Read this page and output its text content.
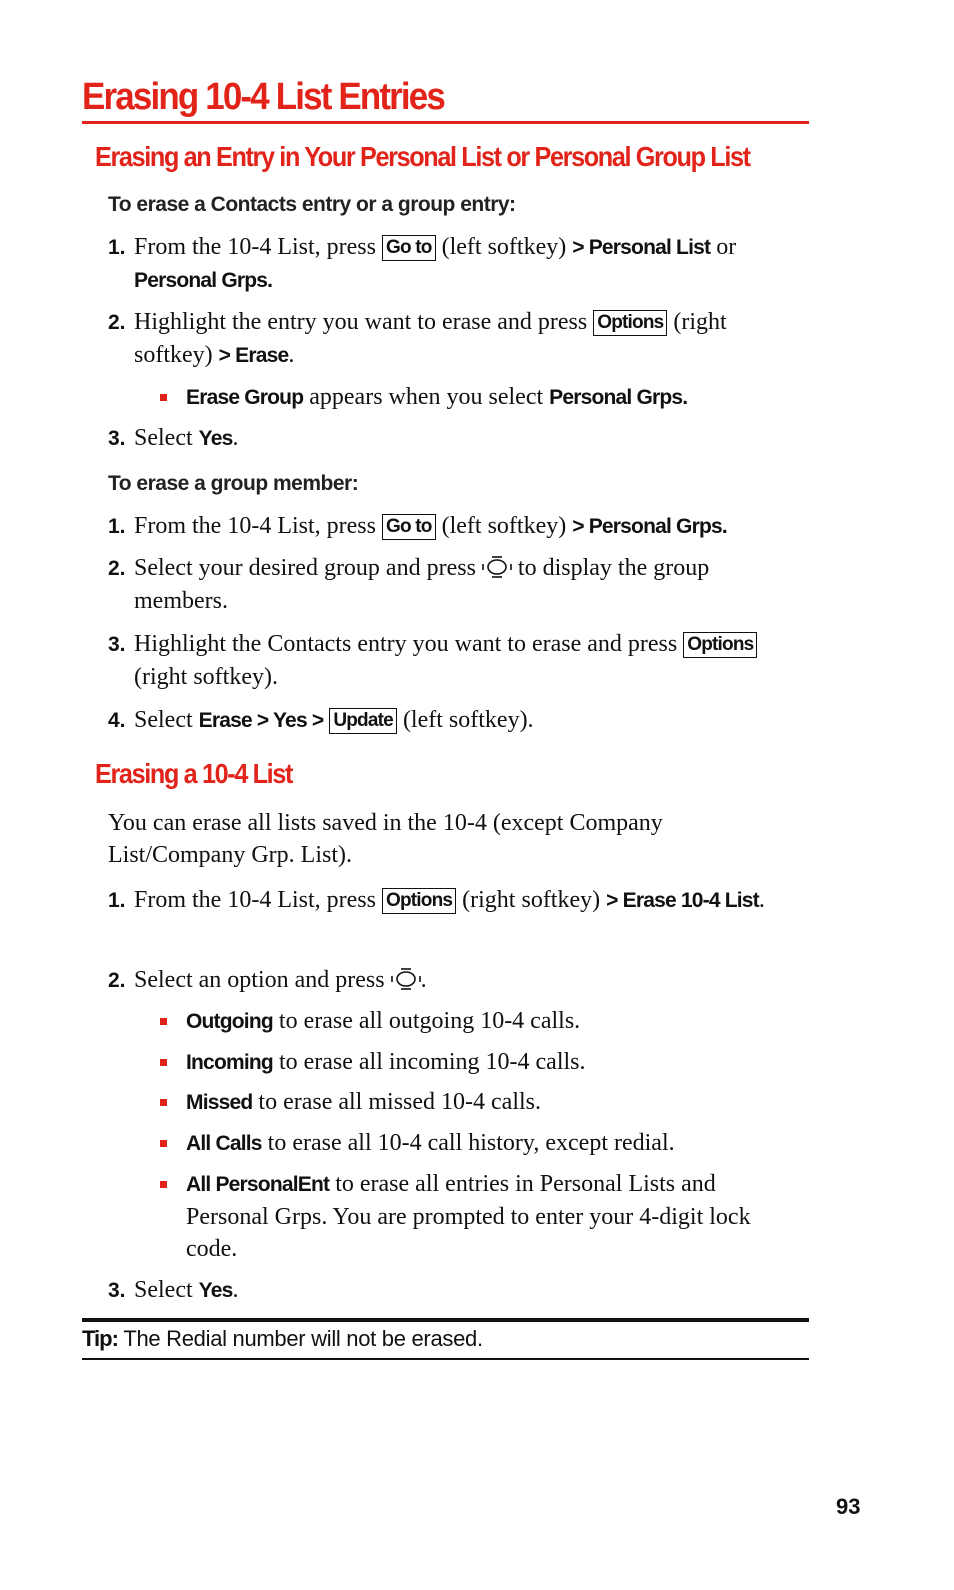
Erasing 10-4 List Entries
Erasing an Entry in Your Personal List or Personal Group List

To erase a Contacts entry or a group entry:

1. From the 10-4 List, press Go to (left softkey) > Personal List or
Personal Grps.
2. Highlight the entry you want to erase and press Options (right softkey) > Erase.
Erase Group appears when you select Personal Grps.
3. Select Yes.

To erase a group member:

1. From the 10-4 List, press Go to (left softkey) > Personal Grps.
2. Select your desired group and press  to display the group members.
3. Highlight the Contacts entry you want to erase and press Options (right softkey).
4. Select Erase > Yes > Update (left softkey).
Erasing a 10-4 List

You can erase all lists saved in the 10-4 (except Company List/Company Grp. List).

1. From the 10-4 List, press Options (right softkey) > Erase 10-4 List.
2. Select an option and press .
Outgoing to erase all outgoing 10-4 calls.
Incoming to erase all incoming 10-4 calls.
Missed to erase all missed 10-4 calls.
All Calls to erase all 10-4 call history, except redial.
All PersonalEnt to erase all entries in Personal Lists and Personal Grps. You are prompted to enter your 4-digit lock code.
3. Select Yes.
Tip: The Redial number will not be erased.
93
